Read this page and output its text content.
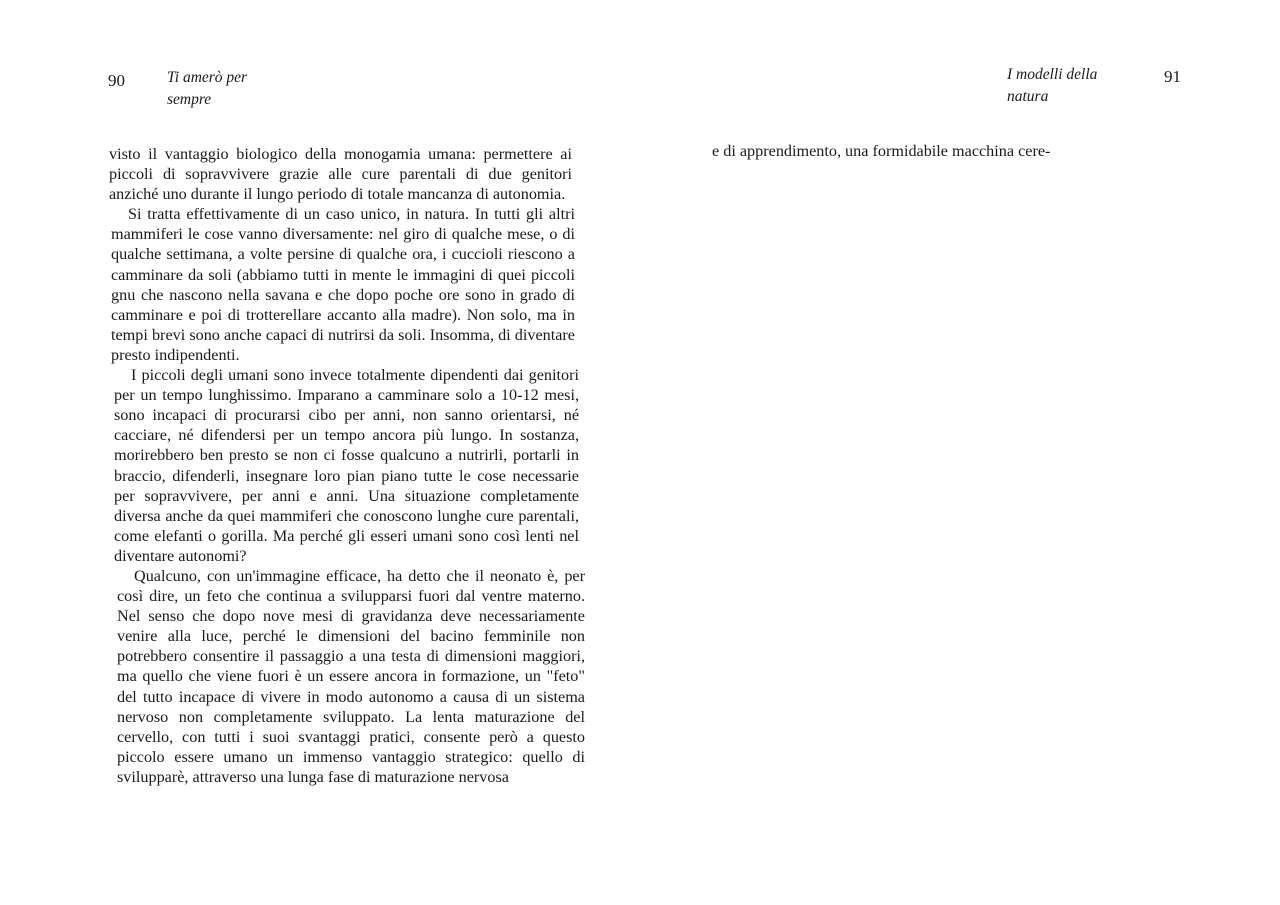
90	Ti amerò per sempre

visto il vantaggio biologico della monogamia umana: permettere ai piccoli di sopravvivere grazie alle cure parentali di due genitori anziché uno durante il lungo periodo di totale mancanza di autonomia.

Si tratta effettivamente di un caso unico, in natura. In tutti gli altri mammiferi le cose vanno diversamente: nel giro di qualche mese, o di qualche settimana, a volte persine di qualche ora, i cuccioli riescono a camminare da soli (abbiamo tutti in mente le immagini di quei piccoli gnu che nascono nella savana e che dopo poche ore sono in grado di camminare e poi di trotterellare accanto alla madre). Non solo, ma in tempi brevi sono anche capaci di nutrirsi da soli. Insomma, di diventare presto indipendenti.

I piccoli degli umani sono invece totalmente dipendenti dai genitori per un tempo lunghissimo. Imparano a camminare solo a 10-12 mesi, sono incapaci di procurarsi cibo per anni, non sanno orientarsi, né cacciare, né difendersi per un tempo ancora più lungo. In sostanza, morirebbero ben presto se non ci fosse qualcuno a nutrirli, portarli in braccio, difenderli, insegnare loro pian piano tutte le cose necessarie per sopravvivere, per anni e anni. Una situazione completamente diversa anche da quei mammiferi che conoscono lunghe cure parentali, come elefanti o gorilla. Ma perché gli esseri umani sono così lenti nel diventare autonomi?

Qualcuno, con un'immagine efficace, ha detto che il neonato è, per così dire, un feto che continua a svilupparsi fuori dal ventre materno. Nel senso che dopo nove mesi di gravidanza deve necessariamente venire alla luce, perché le dimensioni del bacino femminile non potrebbero consentire il passaggio a una testa di dimensioni maggiori, ma quello che viene fuori è un essere ancora in formazione, un "feto" del tutto incapace di vivere in modo autonomo a causa di un sistema nervoso non completamente sviluppato. La lenta maturazione del cervello, con tutti i suoi svantaggi pratici, consente però a questo piccolo essere umano un immenso vantaggio strategico: quello di svilupparè, attraverso una lunga fase di maturazione nervosa

I modelli della natura
91

e di apprendimento, una formidabile macchina cere-
